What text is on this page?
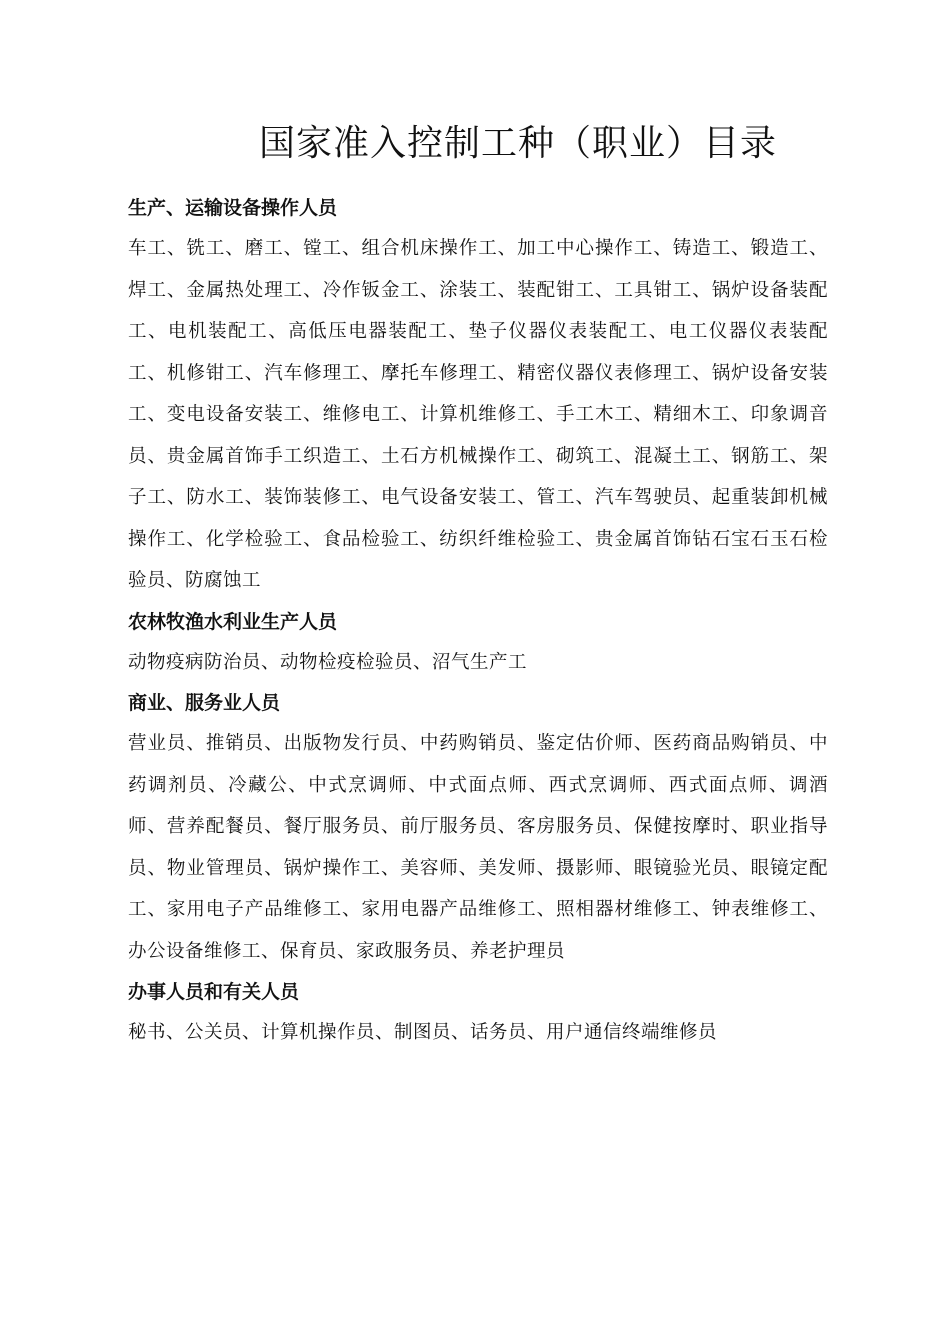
国家准入控制工种（职业）目录
生产、运输设备操作人员

车工、铣工、磨工、镗工、组合机床操作工、加工中心操作工、铸造工、锻造工、焊工、金属热处理工、冷作钣金工、涂装工、装配钳工、工具钳工、锅炉设备装配工、电机装配工、高低压电器装配工、垫子仪器仪表装配工、电工仪器仪表装配工、机修钳工、汽车修理工、摩托车修理工、精密仪器仪表修理工、锅炉设备安装工、变电设备安装工、维修电工、计算机维修工、手工木工、精细木工、印象调音员、贵金属首饰手工织造工、土石方机械操作工、砌筑工、混凝土工、钢筋工、架子工、防水工、装饰装修工、电气设备安装工、管工、汽车驾驶员、起重装卸机械操作工、化学检验工、食品检验工、纺织纤维检验工、贵金属首饰钻石宝石玉石检验员、防腐蚀工

农林牧渔水利业生产人员

动物疫病防治员、动物检疫检验员、沼气生产工

商业、服务业人员

营业员、推销员、出版物发行员、中药购销员、鉴定估价师、医药商品购销员、中药调剂员、冷藏公、中式烹调师、中式面点师、西式烹调师、西式面点师、调酒师、营养配餐员、餐厅服务员、前厅服务员、客房服务员、保健按摩时、职业指导员、物业管理员、锅炉操作工、美容师、美发师、摄影师、眼镜验光员、眼镜定配工、家用电子产品维修工、家用电器产品维修工、照相器材维修工、钟表维修工、办公设备维修工、保育员、家政服务员、养老护理员

办事人员和有关人员

秘书、公关员、计算机操作员、制图员、话务员、用户通信终端维修员
